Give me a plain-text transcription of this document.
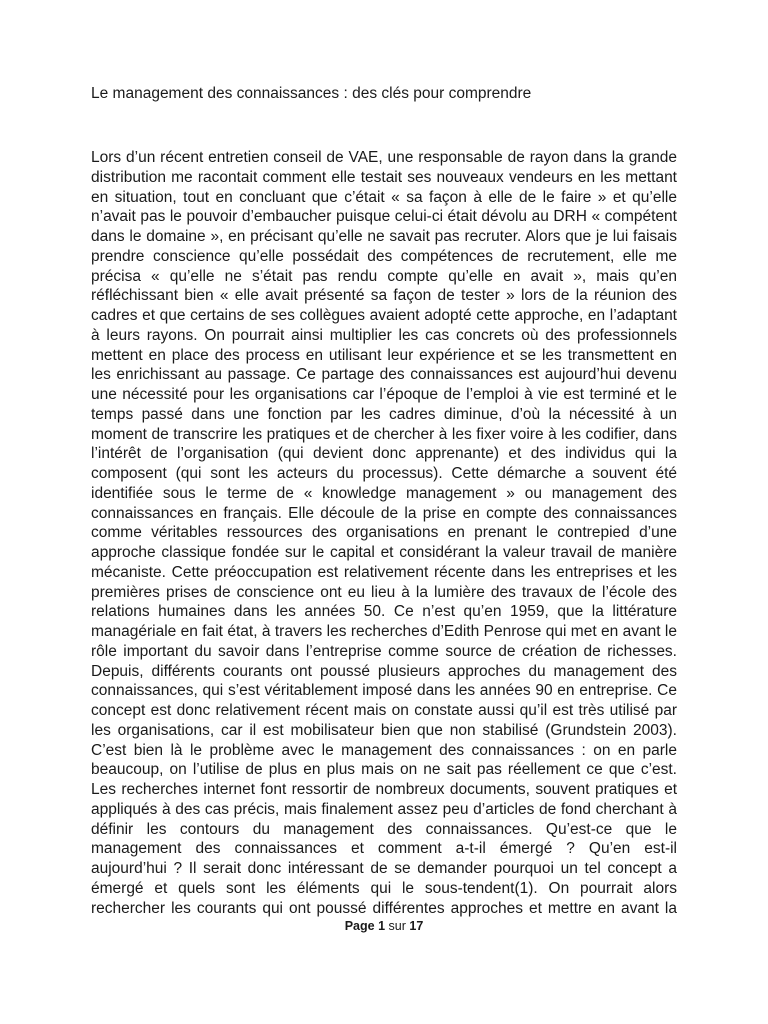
Le management des connaissances : des clés pour comprendre
Lors d’un récent entretien conseil de VAE, une responsable de rayon dans la grande
distribution me racontait comment elle testait ses nouveaux vendeurs en les mettant
en situation, tout en concluant que c’était « sa façon à elle de le faire » et qu’elle
n’avait pas le pouvoir d’embaucher puisque celui-ci était dévolu au DRH « compétent
dans le domaine », en précisant qu’elle ne savait pas recruter. Alors que je lui faisais
prendre conscience qu’elle possédait des compétences de recrutement, elle me
précisa « qu’elle ne s’était pas rendu compte qu’elle en avait », mais qu’en
réfléchissant bien « elle avait présenté sa façon de tester » lors de la réunion des
cadres et que certains de ses collègues avaient adopté cette approche, en l’adaptant
à leurs rayons. On pourrait ainsi multiplier les cas concrets où des professionnels
mettent en place des process en utilisant leur expérience et se les transmettent en
les enrichissant au passage. Ce partage des connaissances est aujourd’hui devenu
une nécessité pour les organisations car l’époque de l’emploi à vie est terminé et le
temps passé dans une fonction par les cadres diminue, d’où la nécessité à un
moment de transcrire les pratiques et de chercher à les fixer voire à les codifier, dans
l’intérêt de l’organisation (qui devient donc apprenante) et des individus qui la
composent (qui sont les acteurs du processus). Cette démarche a souvent été
identifiée sous le terme de « knowledge management » ou management des
connaissances en français. Elle découle de la prise en compte des connaissances
comme véritables ressources des organisations en prenant le contrepied d’une
approche classique fondée sur le capital et considérant la valeur travail de manière
mécaniste. Cette préoccupation est relativement récente dans les entreprises et les
premières prises de conscience ont eu lieu à la lumière des travaux de l’école des
relations humaines dans les années 50. Ce n’est qu’en 1959, que la littérature
managériale en fait état, à travers les recherches d’Edith Penrose qui met en avant le
rôle important du savoir dans l’entreprise comme source de création de richesses.
Depuis, différents courants ont poussé plusieurs approches du management des
connaissances, qui s’est véritablement imposé dans les années 90 en entreprise. Ce
concept est donc relativement récent mais on constate aussi qu’il est très utilisé par
les organisations, car il est mobilisateur bien que non stabilisé (Grundstein 2003).
C’est bien là le problème avec le management des connaissances : on en parle
beaucoup, on l’utilise de plus en plus mais on ne sait pas réellement ce que c’est.
Les recherches internet font ressortir de nombreux documents, souvent pratiques et
appliqués à des cas précis, mais finalement assez peu d’articles de fond cherchant à
définir les contours du management des connaissances. Qu’est-ce que le
management des connaissances et comment a-t-il émergé ? Qu’en est-il
aujourd’hui ? Il serait donc intéressant de se demander pourquoi un tel concept a
émergé et quels sont les éléments qui le sous-tendent(1). On pourrait alors
rechercher les courants qui ont poussé différentes approches et mettre en avant la
Page 1 sur 17
